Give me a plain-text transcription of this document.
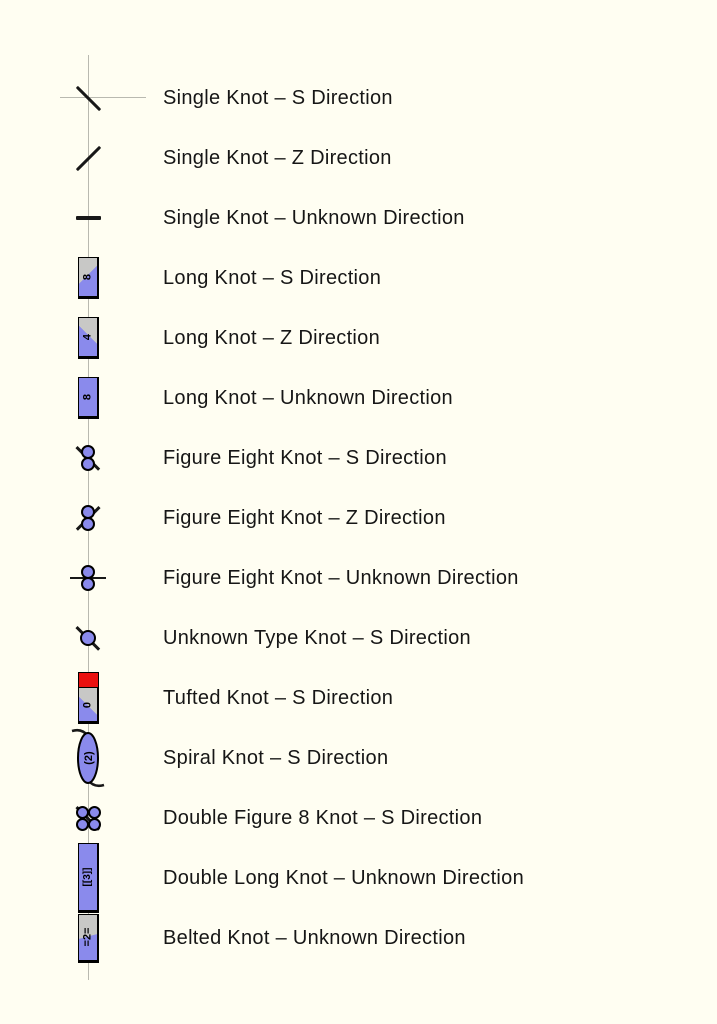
Single Knot – S Direction
Single Knot – Z Direction
Single Knot – Unknown Direction
8	Long Knot – S Direction
4	Long Knot – Z Direction
8	Long Knot – Unknown Direction
Figure Eight Knot – S Direction
Figure Eight Knot – Z Direction
Figure Eight Knot – Unknown Direction
Unknown Type Knot – S Direction
0	Tufted Knot – S Direction
(2)	Spiral Knot – S Direction
Double Figure 8 Knot – S Direction
[[3]]	Double Long Knot – Unknown Direction
=2=	Belted Knot – Unknown Direction
